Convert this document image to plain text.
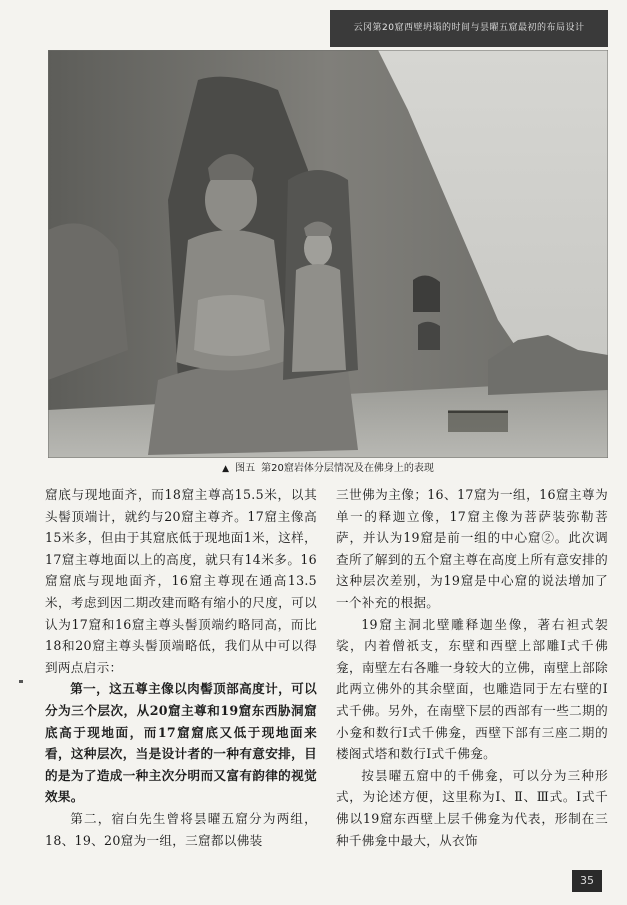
云冈第20窟西壁坍塌的时间与昙曜五窟最初的布局设计
▲ 图五 第20窟岩体分层情况及在佛身上的表现

窟底与现地面齐，而18窟主尊高15.5米，以其头髻顶端计，就约与20窟主尊齐。17窟主像高15米多，但由于其窟底低于现地面1米，这样，17窟主尊地面以上的高度，就只有14米多。16窟窟底与现地面齐，16窟主尊现在通高13.5米，考虑到因二期改建而略有缩小的尺度，可以认为17窟和16窟主尊头髻顶端约略同高，而比18和20窟主尊头髻顶端略低，我们从中可以得到两点启示：

第一，这五尊主像以肉髻顶部高度计，可以分为三个层次，从20窟主尊和19窟东西胁洞窟底高于现地面，而17窟窟底又低于现地面来看，这种层次，当是设计者的一种有意安排，目的是为了造成一种主次分明而又富有韵律的视觉效果。

第二，宿白先生曾将昙曜五窟分为两组，18、19、20窟为一组，三窟都以佛装

三世佛为主像；16、17窟为一组，16窟主尊为单一的释迦立像，17窟主像为菩萨装弥勒菩萨，并认为19窟是前一组的中心窟②。此次调查所了解到的五个窟主尊在高度上所有意安排的这种层次差别，为19窟是中心窟的说法增加了一个补充的根据。

19窟主洞北壁雕释迦坐像，著右袒式袈裟，内着僧祇支，东壁和西壁上部雕Ⅰ式千佛龛，南壁左右各雕一身较大的立佛，南壁上部除此两立佛外的其余壁面，也雕造同于左右壁的Ⅰ式千佛。另外，在南壁下层的西部有一些二期的小龛和数行Ⅰ式千佛龛，西壁下部有三座二期的楼阁式塔和数行Ⅰ式千佛龛。

按昙曜五窟中的千佛龛，可以分为三种形式，为论述方便，这里称为Ⅰ、Ⅱ、Ⅲ式。Ⅰ式千佛以19窟东西壁上层千佛龛为代表，形制在三种千佛龛中最大，从衣饰

35
